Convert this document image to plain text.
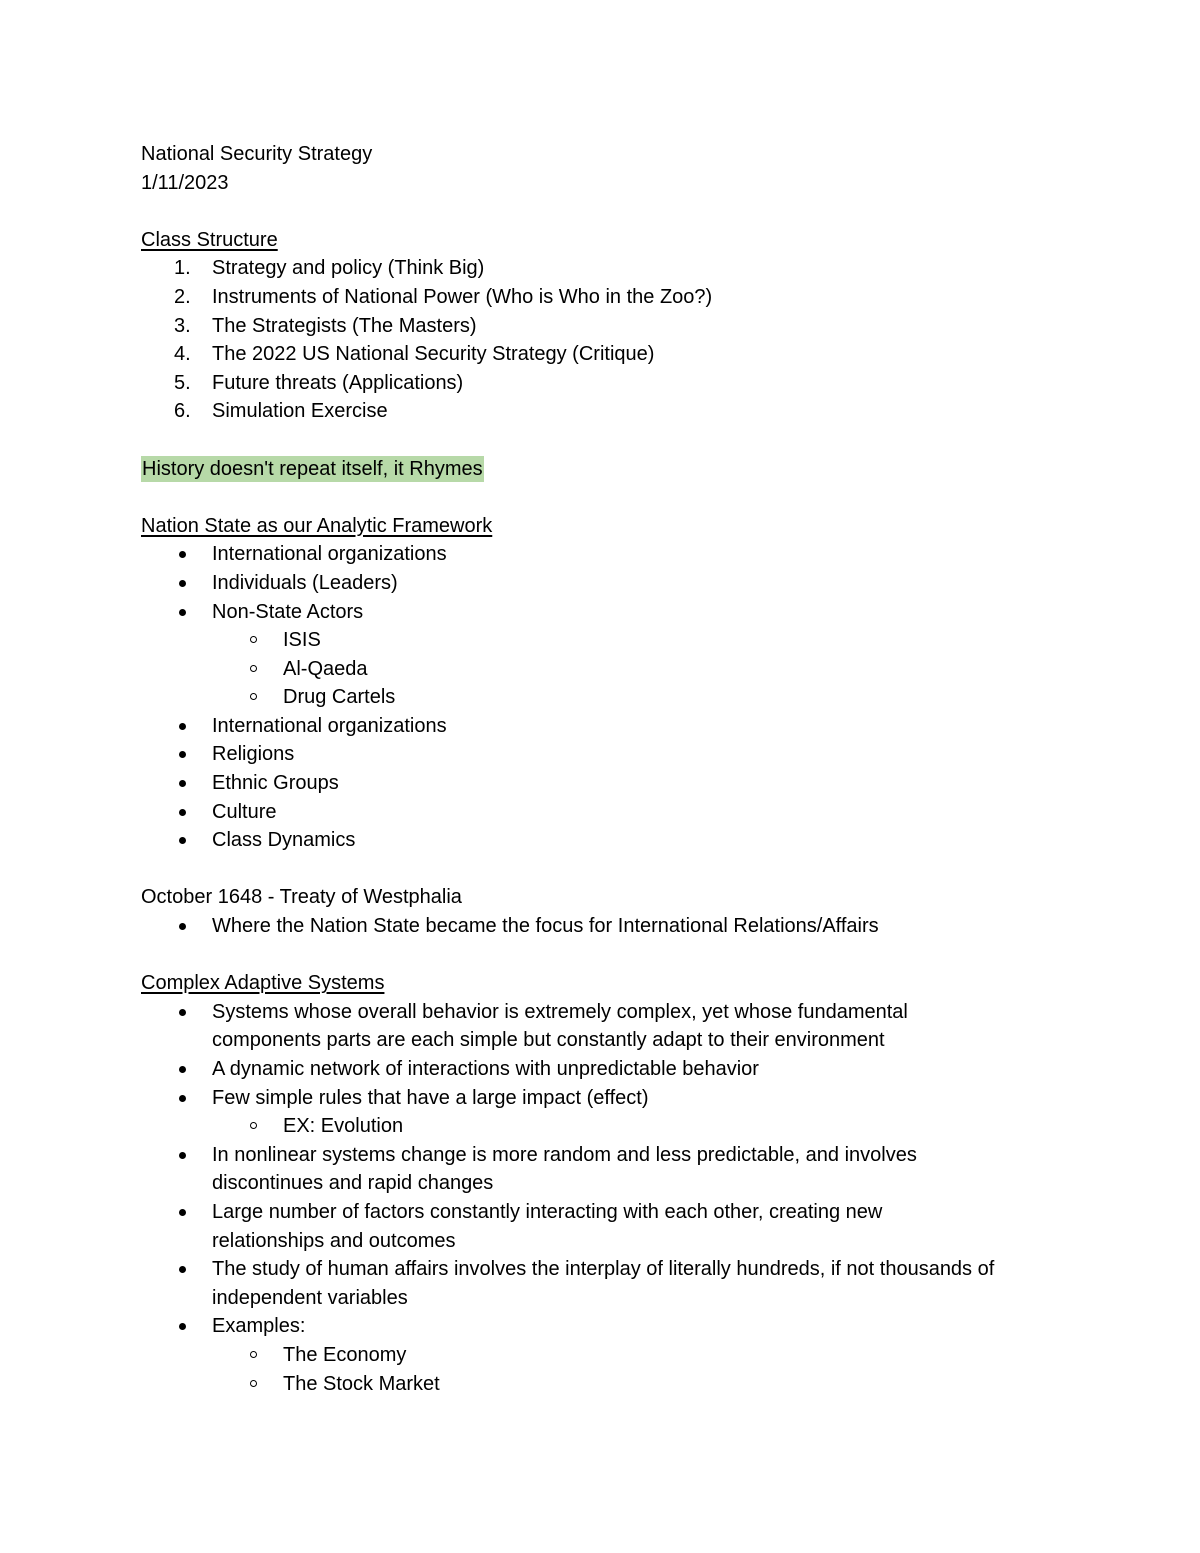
National Security Strategy

1/11/2023

Class Structure

1.	Strategy and policy (Think Big)
2.	Instruments of National Power (Who is Who in the Zoo?)
3.	The Strategists (The Masters)
4.	The 2022 US National Security Strategy (Critique)
5.	Future threats (Applications)
6.	Simulation Exercise

History doesn't repeat itself, it Rhymes

Nation State as our Analytic Framework

International organizations
Individuals (Leaders)
Non-State Actors
ISIS
Al-Qaeda
Drug Cartels
International organizations
Religions
Ethnic Groups
Culture
Class Dynamics

October 1648 - Treaty of Westphalia

Where the Nation State became the focus for International Relations/Affairs

Complex Adaptive Systems

Systems whose overall behavior is extremely complex, yet whose fundamental components parts are each simple but constantly adapt to their environment
A dynamic network of interactions with unpredictable behavior
Few simple rules that have a large impact (effect)
EX: Evolution
In nonlinear systems change is more random and less predictable, and involves discontinues and rapid changes
Large number of factors constantly interacting with each other, creating new relationships and outcomes
The study of human affairs involves the interplay of literally hundreds, if not thousands of independent variables
Examples:
The Economy
The Stock Market
